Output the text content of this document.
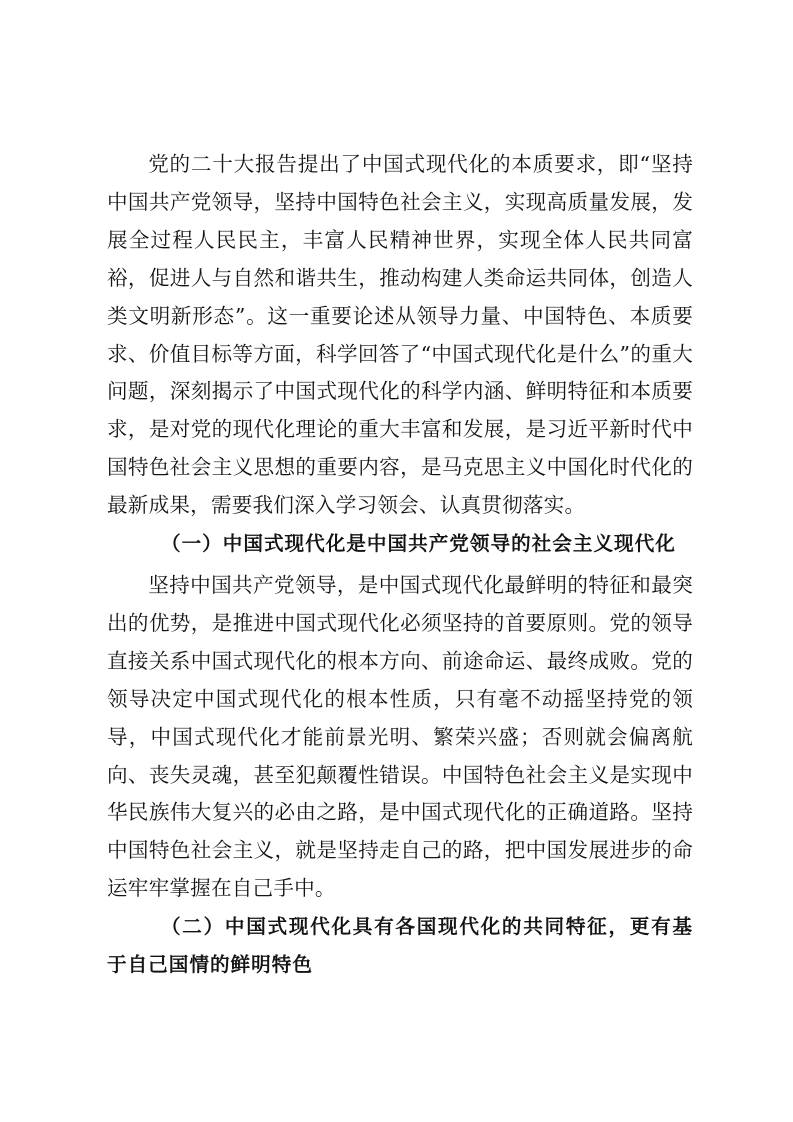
党的二十大报告提出了中国式现代化的本质要求，即“坚持中国共产党领导，坚持中国特色社会主义，实现高质量发展，发展全过程人民民主，丰富人民精神世界，实现全体人民共同富裕，促进人与自然和谐共生，推动构建人类命运共同体，创造人类文明新形态”。这一重要论述从领导力量、中国特色、本质要求、价值目标等方面，科学回答了“中国式现代化是什么”的重大问题，深刻揭示了中国式现代化的科学内涵、鲜明特征和本质要求，是对党的现代化理论的重大丰富和发展，是习近平新时代中国特色社会主义思想的重要内容，是马克思主义中国化时代化的最新成果，需要我们深入学习领会、认真贯彻落实。

（一）中国式现代化是中国共产党领导的社会主义现代化

坚持中国共产党领导，是中国式现代化最鲜明的特征和最突出的优势，是推进中国式现代化必须坚持的首要原则。党的领导直接关系中国式现代化的根本方向、前途命运、最终成败。党的领导决定中国式现代化的根本性质，只有毫不动摇坚持党的领导，中国式现代化才能前景光明、繁荣兴盛；否则就会偏离航向、丧失灵魂，甚至犯颠覆性错误。中国特色社会主义是实现中华民族伟大复兴的必由之路，是中国式现代化的正确道路。坚持中国特色社会主义，就是坚持走自己的路，把中国发展进步的命运牢牢掌握在自己手中。

（二）中国式现代化具有各国现代化的共同特征，更有基于自己国情的鲜明特色
